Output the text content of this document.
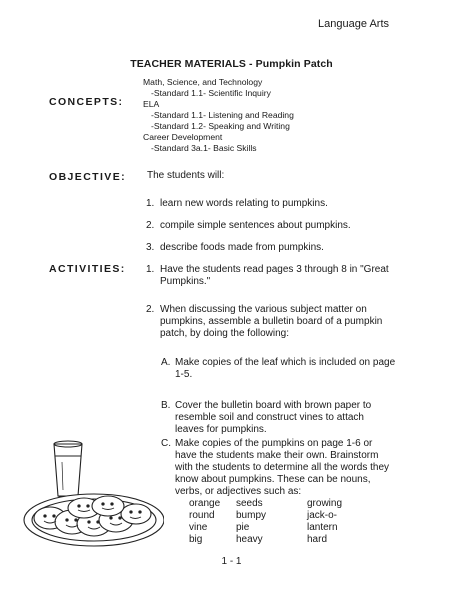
Language Arts
TEACHER MATERIALS - Pumpkin Patch
CONCEPTS:
Math, Science, and Technology
-Standard 1.1- Scientific Inquiry
ELA
-Standard 1.1- Listening and Reading
-Standard 1.2- Speaking and Writing
Career Development
-Standard 3a.1- Basic Skills
OBJECTIVE: The students will:
1. learn new words relating to pumpkins.
2. compile simple sentences about pumpkins.
3. describe foods made from pumpkins.
ACTIVITIES: 1. Have the students read pages 3 through 8 in "Great
Pumpkins."
2. When discussing the various subject matter on
pumpkins, assemble a bulletin board of a pumpkin
patch, by doing the following:
A. Make copies of the leaf which is included on page
1-5.
B. Cover the bulletin board with brown paper to
resemble soil and construct vines to attach
leaves for pumpkins.
C. Make copies of the pumpkins on page 1-6 or
have the students make their own. Brainstorm
with the students to determine all the words they
know about pumpkins. These can be nouns,
verbs, or adjectives such as:
orange
round
vine
big
seeds
bumpy
pie
heavy
growing
jack-o-lantern
hard
1 - 1
